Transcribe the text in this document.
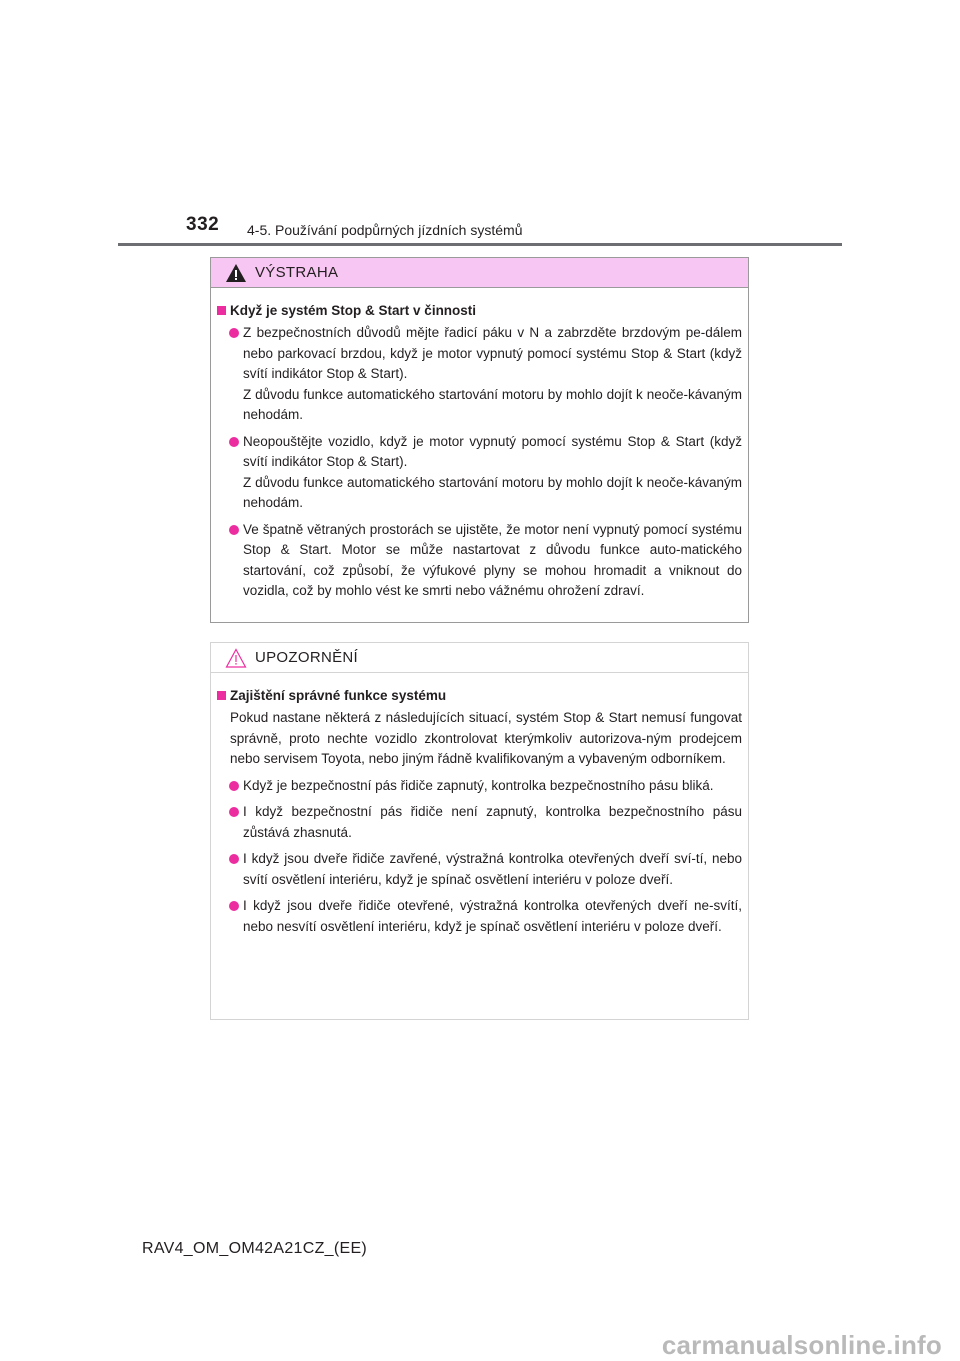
332 4-5. Používání podpůrných jízdních systémů
VÝSTRAHA
Když je systém Stop & Start v činnosti
Z bezpečnostních důvodů mějte řadicí páku v N a zabrzděte brzdovým pe-dálem nebo parkovací brzdou, když je motor vypnutý pomocí systému Stop & Start (když svítí indikátor Stop & Start).
Z důvodu funkce automatického startování motoru by mohlo dojít k neoče-kávaným nehodám.
Neopouštějte vozidlo, když je motor vypnutý pomocí systému Stop & Start (když svítí indikátor Stop & Start).
Z důvodu funkce automatického startování motoru by mohlo dojít k neoče-kávaným nehodám.
Ve špatně větraných prostorách se ujistěte, že motor není vypnutý pomocí systému Stop & Start. Motor se může nastartovat z důvodu funkce auto-matického startování, což způsobí, že výfukové plyny se mohou hromadit a vniknout do vozidla, což by mohlo vést ke smrti nebo vážnému ohrožení zdraví.
UPOZORNĚNÍ
Zajištění správné funkce systému

Pokud nastane některá z následujících situací, systém Stop & Start nemusí fungovat správně, proto nechte vozidlo zkontrolovat kterýmkoliv autorizova-ným prodejcem nebo servisem Toyota, nebo jiným řádně kvalifikovaným a vybaveným odborníkem.

Když je bezpečnostní pás řidiče zapnutý, kontrolka bezpečnostního pásu bliká.
I když bezpečnostní pás řidiče není zapnutý, kontrolka bezpečnostního pásu zůstává zhasnutá.
I když jsou dveře řidiče zavřené, výstražná kontrolka otevřených dveří sví-tí, nebo svítí osvětlení interiéru, když je spínač osvětlení interiéru v poloze dveří.
I když jsou dveře řidiče otevřené, výstražná kontrolka otevřených dveří ne-svítí, nebo nesvítí osvětlení interiéru, když je spínač osvětlení interiéru v poloze dveří.
RAV4_OM_OM42A21CZ_(EE)
carmanualsonline.info
